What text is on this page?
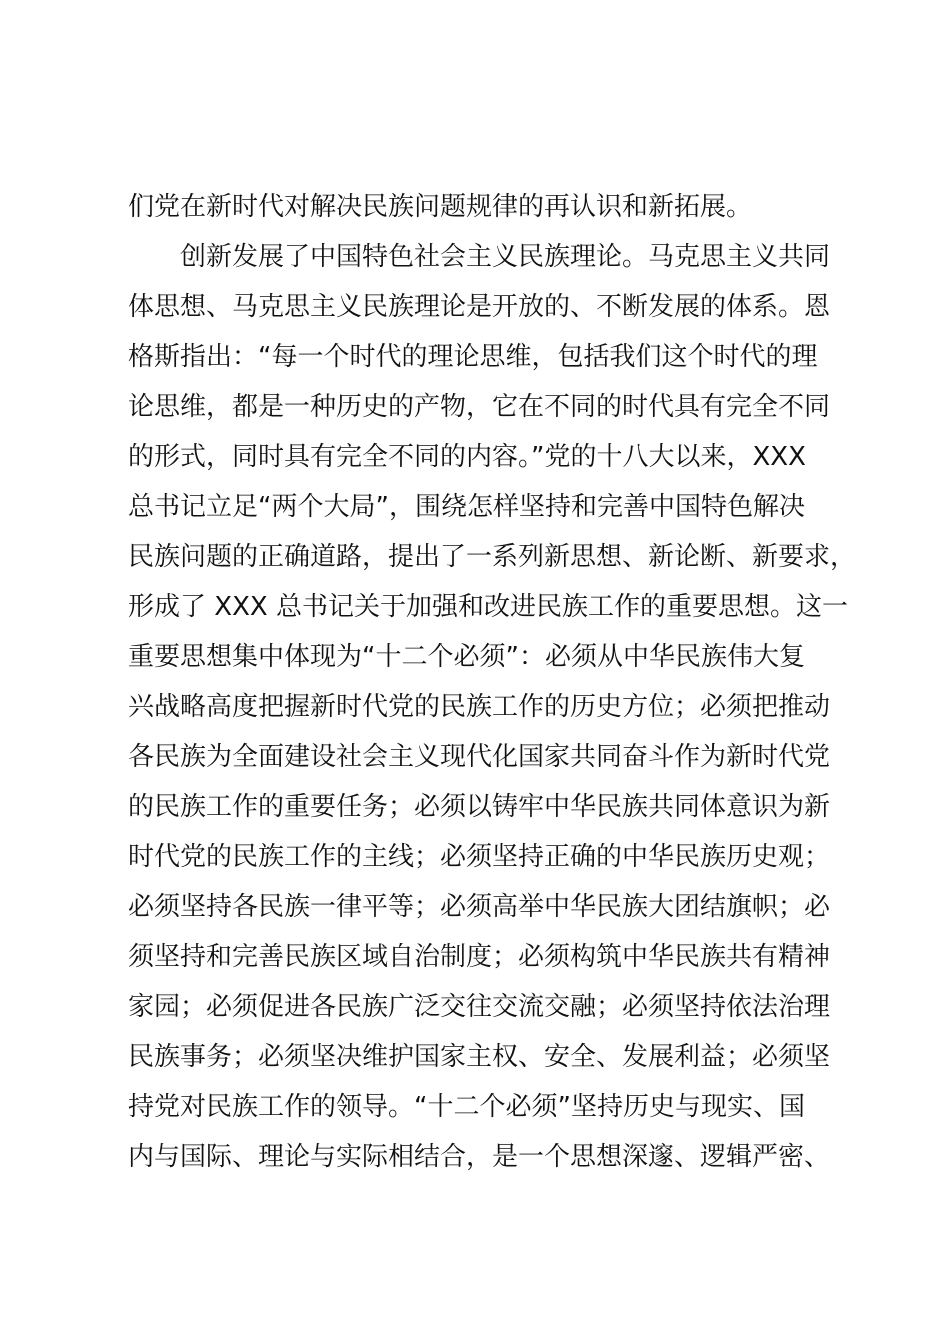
们党在新时代对解决民族问题规律的再认识和新拓展。
创新发展了中国特色社会主义民族理论。马克思主义共同
体思想、马克思主义民族理论是开放的、不断发展的体系。恩
格斯指出：“每一个时代的理论思维，包括我们这个时代的理
论思维，都是一种历史的产物，它在不同的时代具有完全不同
的形式，同时具有完全不同的内容。”党的十八大以来，XXX
总书记立足“两个大局”，围绕怎样坚持和完善中国特色解决
民族问题的正确道路，提出了一系列新思想、新论断、新要求，
形成了 XXX 总书记关于加强和改进民族工作的重要思想。这一
重要思想集中体现为“十二个必须”：必须从中华民族伟大复
兴战略高度把握新时代党的民族工作的历史方位；必须把推动
各民族为全面建设社会主义现代化国家共同奋斗作为新时代党
的民族工作的重要任务；必须以铸牢中华民族共同体意识为新
时代党的民族工作的主线；必须坚持正确的中华民族历史观；
必须坚持各民族一律平等；必须高举中华民族大团结旗帜；必
须坚持和完善民族区域自治制度；必须构筑中华民族共有精神
家园；必须促进各民族广泛交往交流交融；必须坚持依法治理
民族事务；必须坚决维护国家主权、安全、发展利益；必须坚
持党对民族工作的领导。“十二个必须”坚持历史与现实、国
内与国际、理论与实际相结合，是一个思想深邃、逻辑严密、
